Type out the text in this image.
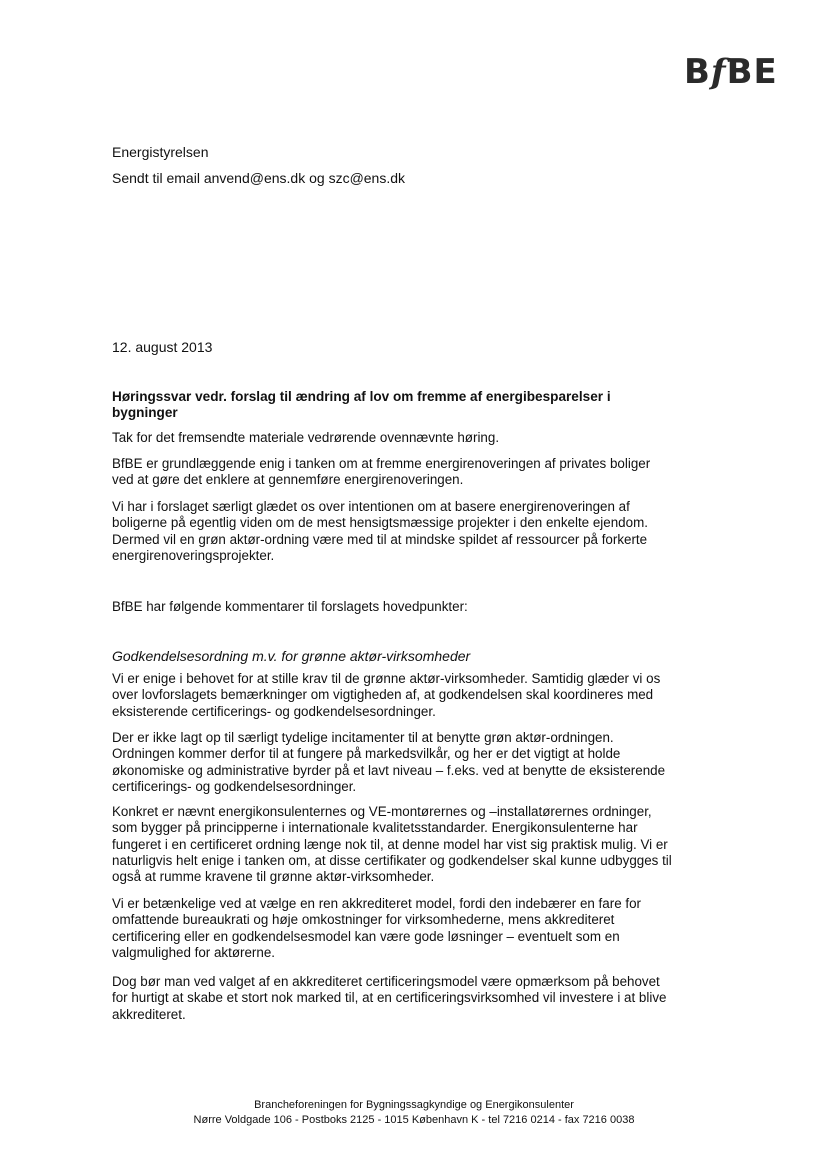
BfBE
Energistyrelsen
Sendt til email anvend@ens.dk og szc@ens.dk
12. august 2013
Høringssvar vedr. forslag til ændring af lov om fremme af energibesparelser i bygninger

Tak for det fremsendte materiale vedrørende ovennævnte høring.

BfBE er grundlæggende enig i tanken om at fremme energirenoveringen af privates boliger ved at gøre det enklere at gennemføre energirenoveringen.

Vi har i forslaget særligt glædet os over intentionen om at basere energirenoveringen af boligerne på egentlig viden om de mest hensigtsmæssige projekter i den enkelte ejendom. Dermed vil en grøn aktør-ordning være med til at mindske spildet af ressourcer på forkerte energirenoveringsprojekter.

BfBE har følgende kommentarer til forslagets hovedpunkter:

Godkendelsesordning m.v. for grønne aktør-virksomheder

Vi er enige i behovet for at stille krav til de grønne aktør-virksomheder. Samtidig glæder vi os over lovforslagets bemærkninger om vigtigheden af, at godkendelsen skal koordineres med eksisterende certificerings- og godkendelsesordninger.

Der er ikke lagt op til særligt tydelige incitamenter til at benytte grøn aktør-ordningen. Ordningen kommer derfor til at fungere på markedsvilkår, og her er det vigtigt at holde økonomiske og administrative byrder på et lavt niveau – f.eks. ved at benytte de eksisterende certificerings- og godkendelsesordninger.

Konkret er nævnt energikonsulenternes og VE-montørernes og –installatørernes ordninger, som bygger på principperne i internationale kvalitetsstandarder. Energikonsulenterne har fungeret i en certificeret ordning længe nok til, at denne model har vist sig praktisk mulig. Vi er naturligvis helt enige i tanken om, at disse certifikater og godkendelser skal kunne udbygges til også at rumme kravene til grønne aktør-virksomheder.

Vi er betænkelige ved at vælge en ren akkrediteret model, fordi den indebærer en fare for omfattende bureaukrati og høje omkostninger for virksomhederne, mens akkrediteret certificering eller en godkendelsesmodel kan være gode løsninger – eventuelt som en valgmulighed for aktørerne.

Dog bør man ved valget af en akkrediteret certificeringsmodel være opmærksom på behovet for hurtigt at skabe et stort nok marked til, at en certificeringsvirksomhed vil investere i at blive akkrediteret.

Brancheforeningen for Bygningssagkyndige og Energikonsulenter
Nørre Voldgade 106 - Postboks 2125 - 1015 København K - tel 7216 0214 - fax 7216 0038
